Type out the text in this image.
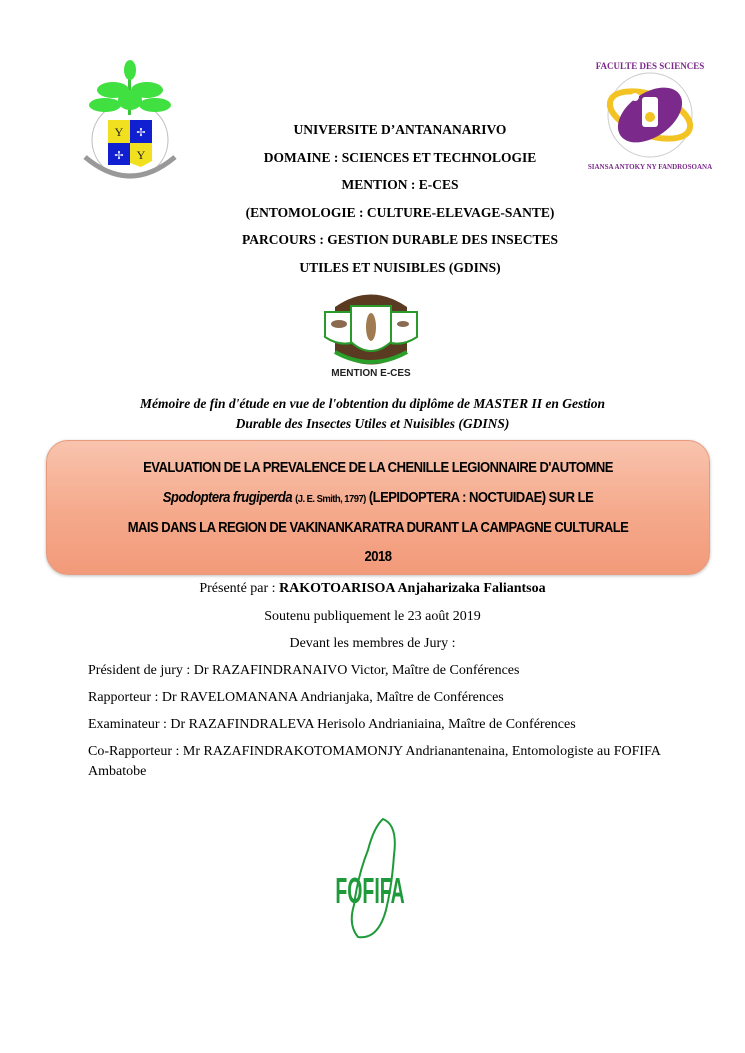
Y
Y
✢
✢
FACULTE DES SCIENCES
SIANSA ANTOKY NY FANDROSOANA
UNIVERSITE D’ANTANANARIVO
DOMAINE : SCIENCES ET TECHNOLOGIE
MENTION : E-CES
(ENTOMOLOGIE : CULTURE-ELEVAGE-SANTE)
PARCOURS : GESTION DURABLE DES INSECTES
UTILES ET NUISIBLES (GDINS)
MENTION E-CES
Mémoire de fin d'étude en vue de l'obtention du diplôme de MASTER II en Gestion
Durable des Insectes Utiles et Nuisibles (GDINS)
EVALUATION DE LA PREVALENCE DE LA CHENILLE LEGIONNAIRE D'AUTOMNE
Spodoptera frugiperda (J. E. Smith, 1797) (LEPIDOPTERA : NOCTUIDAE) SUR LE
MAIS DANS LA REGION DE VAKINANKARATRA DURANT LA CAMPAGNE CULTURALE
2018
Présenté par : RAKOTOARISOA Anjaharizaka Faliantsoa
Soutenu publiquement le 23 août 2019
Devant les membres de Jury :
Président de jury : Dr RAZAFINDRANAIVO Victor, Maître de Conférences
Rapporteur : Dr RAVELOMANANA Andrianjaka, Maître de Conférences
Examinateur : Dr RAZAFINDRALEVA Herisolo Andrianiaina, Maître de Conférences
Co-Rapporteur : Mr RAZAFINDRAKOTOMAMONJY Andrianantenaina, Entomologiste au FOFIFA Ambatobe
FOFIFA
